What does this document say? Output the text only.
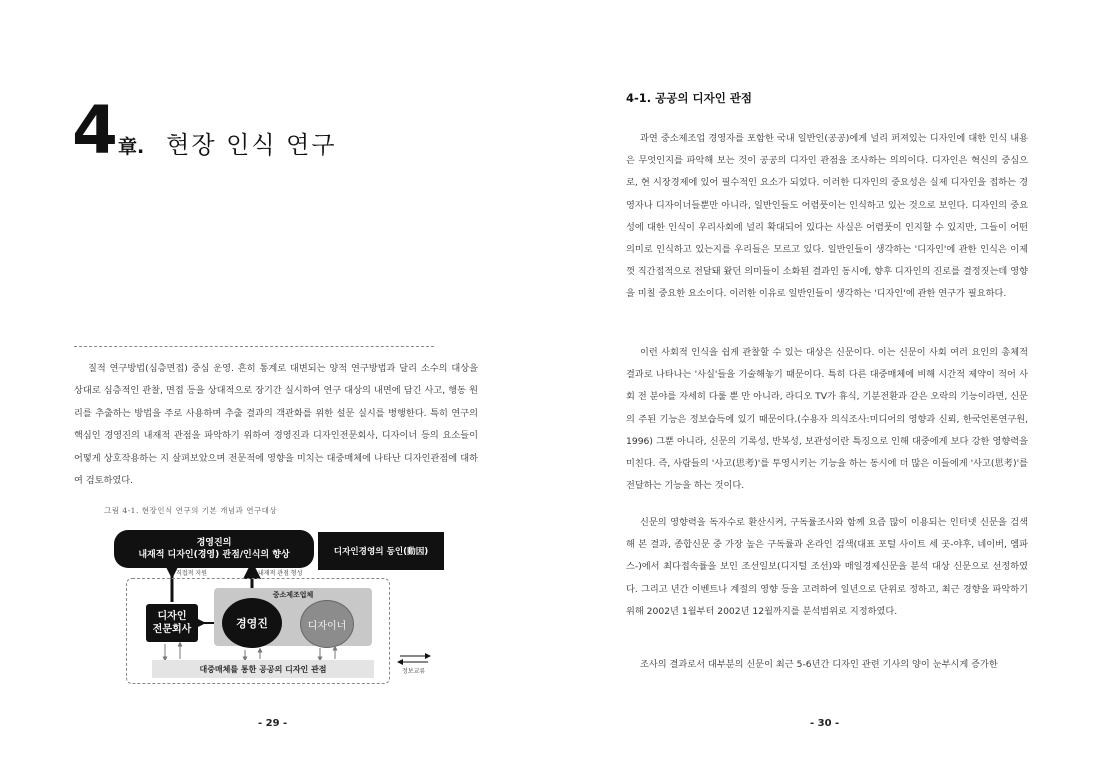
4 章. 현장 인식 연구

질적 연구방법(심층면접) 중심 운영. 흔히 통계로 대변되는 양적 연구방법과 달리 소수의 대상을 상대로 심층적인 관찰, 면접 등을 상대적으로 장기간 실시하여 연구 대상의 내면에 담긴 사고, 행동 원리를 추출하는 방법을 주로 사용하며 추출 결과의 객관화를 위한 설문 실시를 병행한다. 특히 연구의 핵심인 경영진의 내재적 관점을 파악하기 위하여 경영진과 디자인전문회사, 디자이너 등의 요소들이 어떻게 상호작용하는 지 살펴보았으며 전문적에 영향을 미치는 대중매체에 나타난 디자인관점에 대하여 검토하였다.

그림 4-1. 현장인식 연구의 기본 개념과 연구대상
경영진의
내재적 디자인(경영) 관점/인식의 향상	=	디자인경영의 동인(動因)
직접적 지원	내재적 관점 형성
중소제조업체
디자인
전문회사	경영진	디자이너
대중매체를 통한 공공의 디자인 관점	정보교류
- 29 -
4-1. 공공의 디자인 관점

과연 중소제조업 경영자를 포함한 국내 일반인(공공)에게 널리 퍼져있는 디자인에 대한 인식 내용은 무엇인지를 파악해 보는 것이 공공의 디자인 관점을 조사하는 의의이다. 디자인은 혁신의 중심으로, 현 시장경제에 있어 필수적인 요소가 되었다. 이러한 디자인의 중요성은 실제 디자인을 접하는 경영자나 디자이너들뿐만 아니라, 일반인들도 어렴풋이는 인식하고 있는 것으로 보인다. 디자인의 중요성에 대한 인식이 우리사회에 널리 확대되어 있다는 사실은 어렴풋이 인지할 수 있지만, 그들이 어떤 의미로 인식하고 있는지를 우리들은 모르고 있다. 일반인들이 생각하는 '디자인'에 관한 인식은 이제껏 직간접적으로 전달돼 왔던 의미들이 소화된 결과인 동시에, 향후 디자인의 진로를 결정짓는데 영향을 미칠 중요한 요소이다. 이러한 이유로 일반인들이 생각하는 '디자인'에 관한 연구가 필요하다.

이런 사회적 인식을 쉽게 관찰할 수 있는 대상은 신문이다. 이는 신문이 사회 여러 요인의 총체적 결과로 나타나는 '사실'들을 기술해놓기 때문이다. 특히 다른 대중매체에 비해 시간적 제약이 적어 사회 전 분야를 자세히 다룰 뿐 만 아니라, 라디오 TV가 휴식, 기분전환과 같은 오락의 기능이라면, 신문의 주된 기능은 정보습득에 있기 때문이다.(수용자 의식조사:미디어의 영향과 신뢰, 한국언론연구원, 1996) 그뿐 아니라, 신문의 기록성, 반복성, 보관성이란 특징으로 인해 대중에게 보다 강한 영향력을 미친다. 즉, 사람들의 '사고(思考)'를 투영시키는 기능을 하는 동시에 더 많은 이들에게 '사고(思考)'를 전달하는 기능을 하는 것이다.

신문의 영향력을 독자수로 환산시켜, 구독률조사와 함께 요즘 많이 이용되는 인터넷 신문을 검색해 본 결과, 종합신문 중 가장 높은 구독률과 온라인 검색(대표 포털 사이트 세 곳-야후, 네이버, 엠파스-)에서 최다접속률을 보인 조선일보(디지털 조선)와 매일경제신문을 분석 대상 신문으로 선정하였다. 그리고 년간 이벤트나 계절의 영향 등을 고려하여 일년으로 단위로 정하고, 최근 경향을 파악하기 위해 2002년 1월부터 2002년 12월까지를 분석범위로 지정하였다.

조사의 결과로서 대부분의 신문이 최근 5-6년간 디자인 관련 기사의 양이 눈부시게 증가한

- 30 -
